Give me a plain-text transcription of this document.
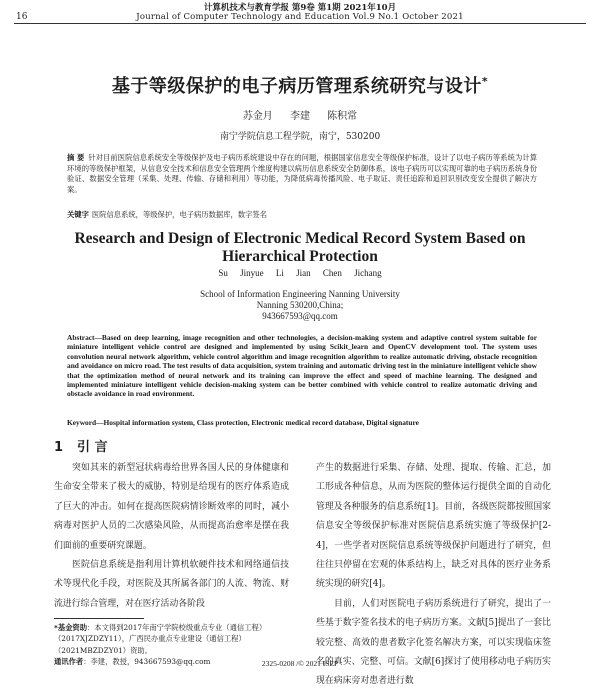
计算机技术与教育学报 第9卷 第1期 2021年10月
16	Journal of Computer Technology and Education Vol.9 No.1 October 2021
基于等级保护的电子病历管理系统研究与设计*
苏金月 李建 陈积常
南宁学院信息工程学院，南宁，530200
摘 要 针对目前医院信息系统安全等级保护及电子病历系统建设中存在的问题，根据国家信息安全等级保护标准，设计了以电子病历等系统为计算环境的等级保护框架，从信息安全技术和信息安全管理两个维度构建以病历信息系统安全防御体系，该电子病历可以实现可靠的电子病历系统身份验证、数据安全管理（采集、处理、传输、存储和利用）等功能，为降低病毒传播风险、电子取证、责任追踪和追回识别改变安全提供了解决方案。
关键字 医院信息系统，等级保护，电子病历数据库，数字签名
Research and Design of Electronic Medical Record System Based on Hierarchical Protection
Su Jinyue Li Jian Chen Jichang
School of Information Engineering Nanning University
Nanning 530200,China;
943667593@qq.com
Abstract—Based on deep learning, image recognition and other technologies, a decision-making system and adaptive control system suitable for miniature intelligent vehicle control are designed and implemented by using Scikit_learn and OpenCV development tool. The system uses convolution neural network algorithm, vehicle control algorithm and image recognition algorithm to realize automatic driving, obstacle recognition and avoidance on micro road. The test results of data acquisition, system training and automatic driving test in the miniature intelligent vehicle show that the optimization method of neural network and its training can improve the effect and speed of machine learning. The designed and implemented miniature intelligent vehicle decision-making system can be better combined with vehicle control to realize automatic driving and obstacle avoidance in road environment.
Keyword—Hospital information system, Class protection, Electronic medical record database, Digital signature
1 引 言

突如其来的新型冠状病毒给世界各国人民的身体健康和生命安全带来了极大的威胁，特别是给现有的医疗体系造成了巨大的冲击。如何在提高医院病情诊断效率的同时，减小病毒对医护人员的二次感染风险，从而提高治愈率是摆在我们面前的重要研究课题。

医院信息系统是指利用计算机软硬件技术和网络通信技术等现代化手段，对医院及其所属各部门的人流、物流、财流进行综合管理，对在医疗活动各阶段

产生的数据进行采集、存储、处理、提取、传输、汇总，加工形成各种信息，从而为医院的整体运行提供全面的自动化管理及各种服务的信息系统[1]。目前，各级医院都按照国家信息安全等级保护标准对医院信息系统实施了等级保护[2-4]，一些学者对医院信息系统等级保护问题进行了研究，但往往只停留在宏观的体系结构上，缺乏对具体的医疗业务系统实现的研究[4]。

目前，人们对医院电子病历系统进行了研究，提出了一些基于数字签名技术的电子病历方案。文献[5]提出了一套比较完整、高效的患者数字化签名解决方案，可以实现临床签名的真实、完整、可信。文献[6]探讨了使用移动电子病历实现在病床旁对患者进行数

*基金资助：本文得到2017年南宁学院校级重点专业（通信工程）（2017XJZDZY11），广西民办重点专业建设（通信工程）（2021MBZDZY01）资助。

通讯作者：李建，教授，943667593@qq.com	2325-0208 /© 2021 ISEP
